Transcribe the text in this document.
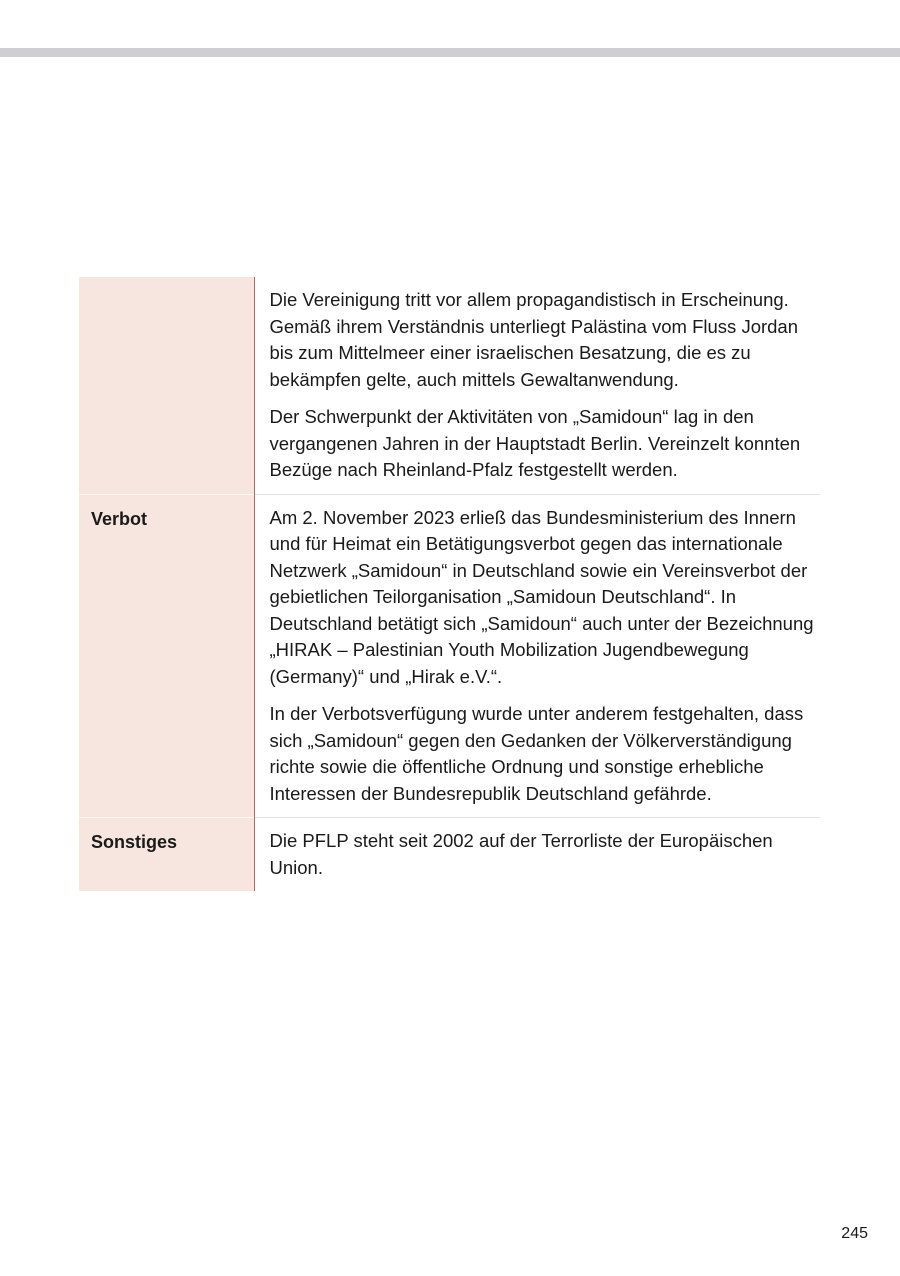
	Die Vereinigung tritt vor allem propagandistisch in Erscheinung. Gemäß ihrem Verständnis unterliegt Palästina vom Fluss Jordan bis zum Mittelmeer einer israelischen Besatzung, die es zu bekämpfen gelte, auch mittels Gewaltanwendung.

Der Schwerpunkt der Aktivitäten von „Samidoun“ lag in den vergangenen Jahren in der Hauptstadt Berlin. Vereinzelt konnten Bezüge nach Rheinland-Pfalz festgestellt werden.

Verbot	Am 2. November 2023 erließ das Bundesministerium des Innern und für Heimat ein Betätigungsverbot gegen das internationale Netzwerk „Samidoun“ in Deutschland sowie ein Vereinsverbot der gebietlichen Teilorganisation „Samidoun Deutschland“. In Deutschland betätigt sich „Samidoun“ auch unter der Bezeichnung „HIRAK – Palestinian Youth Mobilization Jugendbewegung (Germany)“ und „Hirak e.V.“.

In der Verbotsverfügung wurde unter anderem festgehalten, dass sich „Samidoun“ gegen den Gedanken der Völkerverständigung richte sowie die öffentliche Ordnung und sonstige erhebliche Interessen der Bundesrepublik Deutschland gefährde.

Sonstiges	Die PFLP steht seit 2002 auf der Terrorliste der Europäischen Union.

245
